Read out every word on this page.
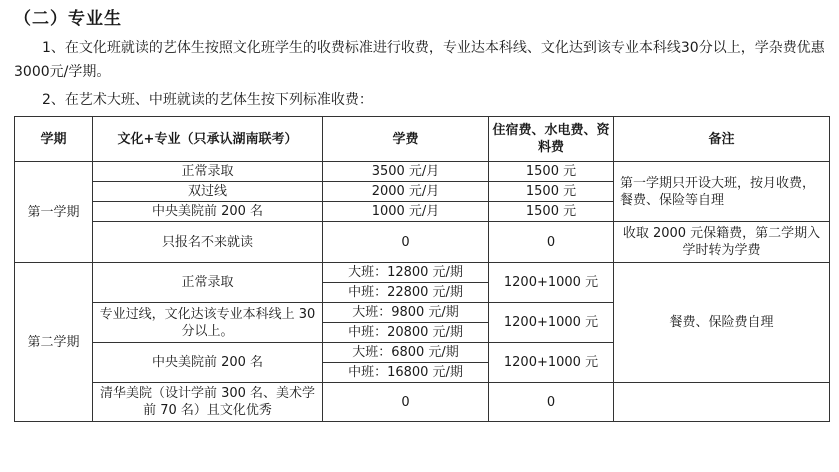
（二）专业生
1、在文化班就读的艺体生按照文化班学生的收费标准进行收费，专业达本科线、文化达到该专业本科线30分以上，学杂费优惠3000元/学期。
2、在艺术大班、中班就读的艺体生按下列标准收费：
学期	文化+专业（只承认湖南联考）	学费	住宿费、水电费、资料费	备注
第一学期	正常录取	3500 元/月	1500 元	第一学期只开设大班，按月收费，餐费、保险等自理
	双过线	2000 元/月	1500 元	
	中央美院前 200 名	1000 元/月	1500 元	
	只报名不来就读	0	0	收取 2000 元保籍费，第二学期入学时转为学费
第二学期	正常录取	大班：12800 元/期	1200+1000 元	餐费、保险费自理
		中班：22800 元/期		
	专业过线，文化达该专业本科线上 30 分以上。	大班：9800 元/期	1200+1000 元	
		中班：20800 元/期		
	中央美院前 200 名	大班：6800 元/期	1200+1000 元	
		中班：16800 元/期		
	清华美院（设计学前 300 名、美术学前 70 名）且文化优秀	0	0	
